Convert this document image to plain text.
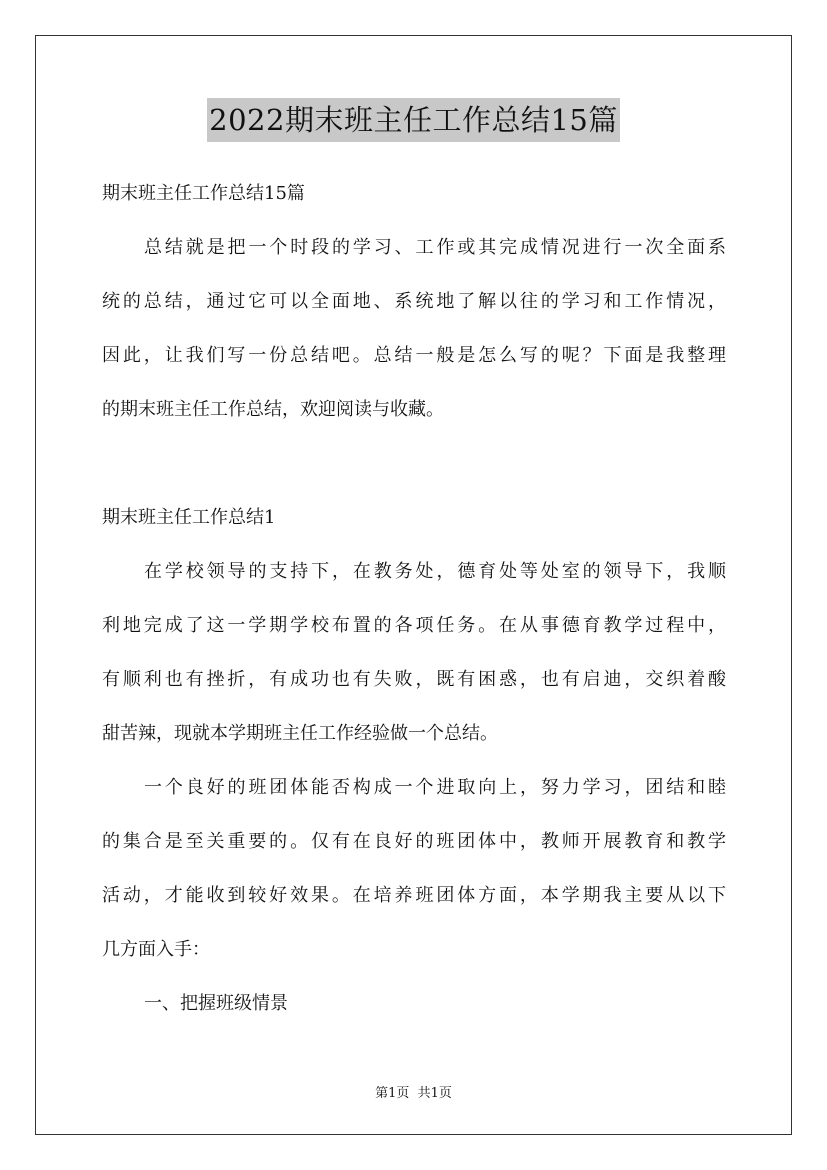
2022期末班主任工作总结15篇
期末班主任工作总结15篇
总结就是把一个时段的学习、工作或其完成情况进行一次全面系
统的总结，通过它可以全面地、系统地了解以往的学习和工作情况，
因此，让我们写一份总结吧。总结一般是怎么写的呢？下面是我整理
的期末班主任工作总结，欢迎阅读与收藏。
期末班主任工作总结1
在学校领导的支持下，在教务处，德育处等处室的领导下，我顺
利地完成了这一学期学校布置的各项任务。在从事德育教学过程中，
有顺利也有挫折，有成功也有失败，既有困惑，也有启迪，交织着酸
甜苦辣，现就本学期班主任工作经验做一个总结。
一个良好的班团体能否构成一个进取向上，努力学习，团结和睦
的集合是至关重要的。仅有在良好的班团体中，教师开展教育和教学
活动，才能收到较好效果。在培养班团体方面，本学期我主要从以下
几方面入手：
一、把握班级情景
第1页  共1页
